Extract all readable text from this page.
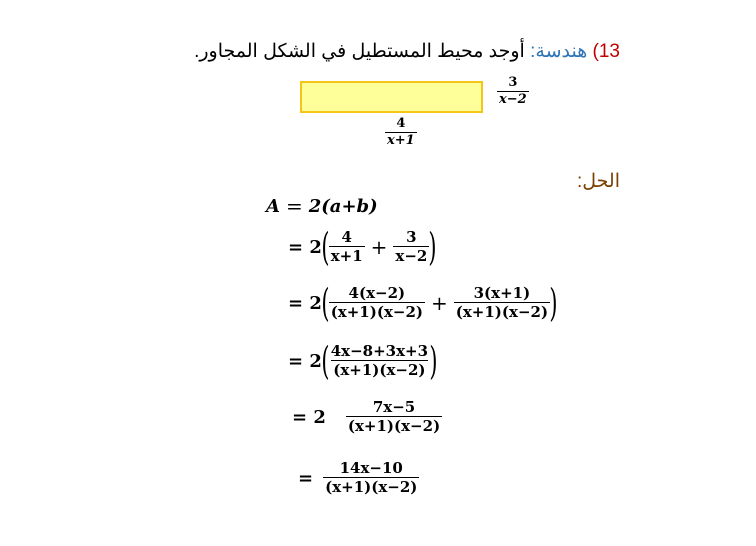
13) هندسة: أوجد محيط المستطيل في الشكل المجاور.
$\frac{3}{x-2}$
$\frac{4}{x+1}$
الحل:
A = 2(a+b)
= 2 ( $\frac{4}{x+1} + \frac{3}{x-2}$ )
= 2 ( $\frac{4(x-2)}{(x+1)(x-2)} + \frac{3(x+1)}{(x+1)(x-2)}$ )
= 2 ( $\frac{4x-8+3x+3}{(x+1)(x-2)}$ )
= $2 \frac{7x-5}{(x+1)(x-2)}$
= $\frac{14x-10}{(x+1)(x-2)}$
